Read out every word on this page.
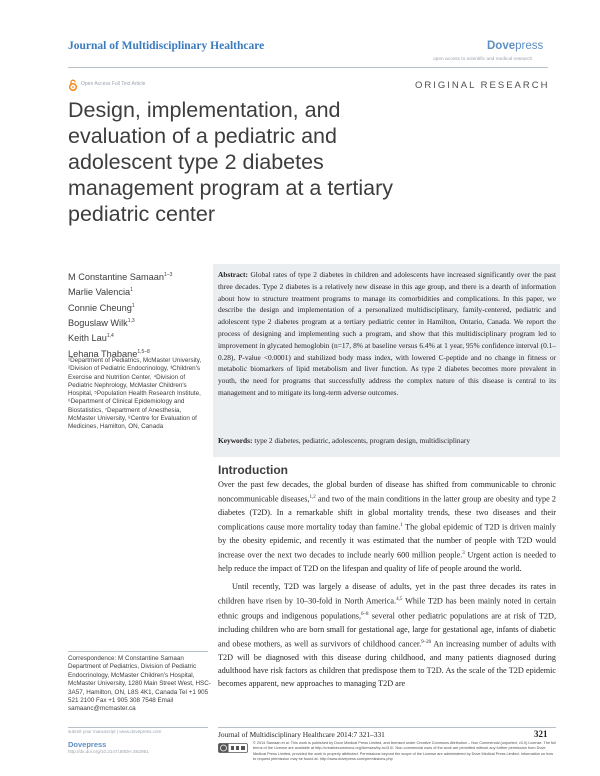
Journal of Multidisciplinary Healthcare	Dovepress
open access to scientific and medical research
Open Access Full Text Article	ORIGINAL RESEARCH
Design, implementation, and evaluation of a pediatric and adolescent type 2 diabetes management program at a tertiary pediatric center
M Constantine Samaan$^{1-3}$
Marlie Valencia$^1$
Connie Cheung$^1$
Boguslaw Wilk$^{1,3}$
Keith Lau$^{1,4}$
Lehana Thabane$^{1,5-8}$
¹Department of Pediatrics, McMaster University, ²Division of Pediatric Endocrinology, ³Children's Exercise and Nutrition Center, ⁴Division of Pediatric Nephrology, McMaster Children's Hospital, ⁵Population Health Research Institute, ⁶Department of Clinical Epidemiology and Biostatistics, ⁷Department of Anesthesia, McMaster University, ⁸Centre for Evaluation of Medicines, Hamilton, ON, Canada
Abstract: Global rates of type 2 diabetes in children and adolescents have increased significantly over the past three decades. Type 2 diabetes is a relatively new disease in this age group, and there is a dearth of information about how to structure treatment programs to manage its comorbidities and complications. In this paper, we describe the design and implementation of a personalized multidisciplinary, family-centered, pediatric and adolescent type 2 diabetes program at a tertiary pediatric center in Hamilton, Ontario, Canada. We report the process of designing and implementing such a program, and show that this multidisciplinary program led to improvement in glycated hemoglobin (n=17, 8% at baseline versus 6.4% at 1 year, 95% confidence interval (0.1–0.28), P-value <0.0001) and stabilized body mass index, with lowered C-peptide and no change in fitness or metabolic biomarkers of lipid metabolism and liver function. As type 2 diabetes becomes more prevalent in youth, the need for programs that successfully address the complex nature of this disease is central to its management and to mitigate its long-term adverse outcomes.
Keywords: type 2 diabetes, pediatric, adolescents, program design, multidisciplinary
Introduction

Over the past few decades, the global burden of disease has shifted from communicable to chronic noncommunicable diseases,$^{1,2}$ and two of the main conditions in the latter group are obesity and type 2 diabetes (T2D). In a remarkable shift in global mortality trends, these two diseases and their complications cause more mortality today than famine.$^1$ The global epidemic of T2D is driven mainly by the obesity epidemic, and recently it was estimated that the number of people with T2D would increase over the next two decades to include nearly 600 million people.$^3$ Urgent action is needed to help reduce the impact of T2D on the lifespan and quality of life of people around the world.

Until recently, T2D was largely a disease of adults, yet in the past three decades its rates in children have risen by 10–30-fold in North America.$^{4,5}$ While T2D has been mainly noted in certain ethnic groups and indigenous populations,$^{6-8}$ several other pediatric populations are at risk of T2D, including children who are born small for gestational age, large for gestational age, infants of diabetic and obese mothers, as well as survivors of childhood cancer.$^{9-20}$ An increasing number of adults with T2D will be diagnosed with this disease during childhood, and many patients diagnosed during adulthood have risk factors as children that predispose them to T2D. As the scale of the T2D epidemic becomes apparent, new approaches to managing T2D are

Correspondence: M Constantine Samaan Department of Pediatrics, Division of Pediatric Endocrinology, McMaster Children's Hospital, McMaster University, 1280 Main Street West, HSC-3A57, Hamilton, ON, L8S 4K1, Canada Tel +1 905 521 2100 Fax +1 905 308 7548 Email samaanc@mcmaster.ca
submit your manuscript | www.dovepress.com
Dovepress
http://dx.doi.org/10.2147/JMDH.S62961
Journal of Multidisciplinary Healthcare 2014:7 321–331	321
© 2014 Samaan et al. This work is published by Dove Medical Press Limited, and licensed under Creative Commons Attribution – Non Commercial (unported, v3.0) License. The full terms of the License are available at http://creativecommons.org/licenses/by-nc/3.0/. Non-commercial uses of the work are permitted without any further permission from Dove Medical Press Limited, provided the work is properly attributed. Permissions beyond the scope of the License are administered by Dove Medical Press Limited. Information on how to request permission may be found at: http://www.dovepress.com/permissions.php
